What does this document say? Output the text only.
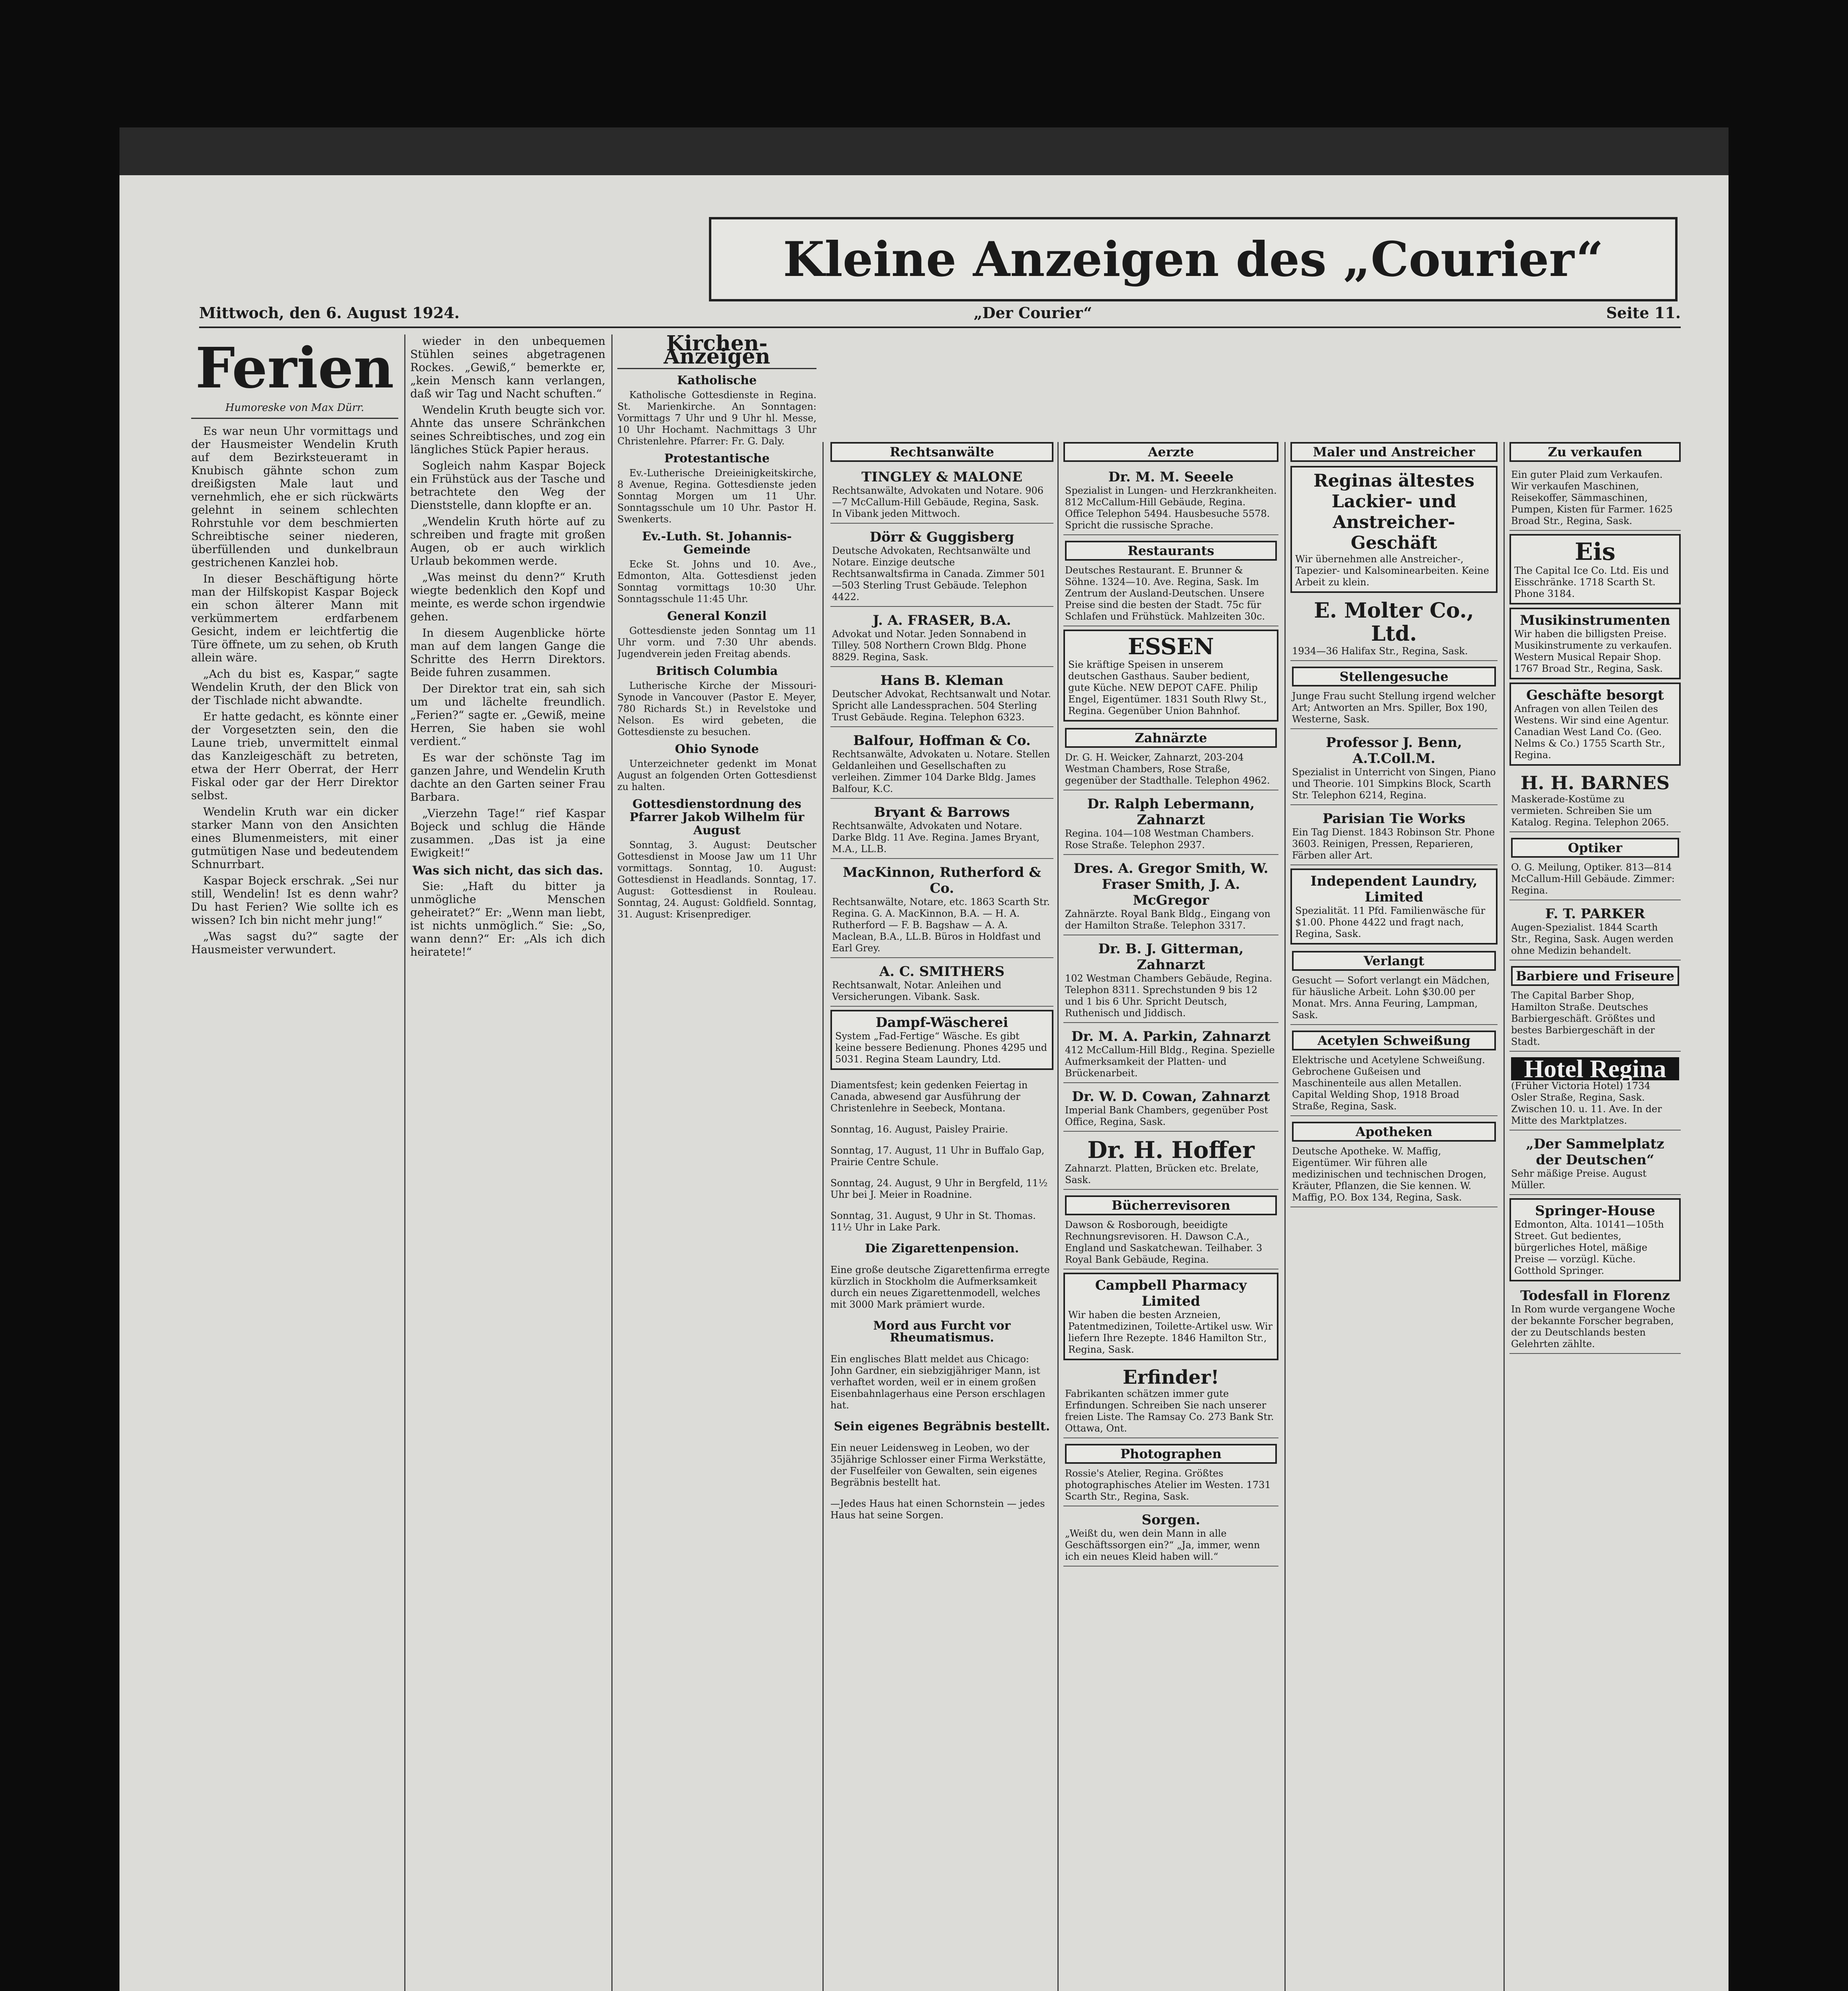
Mittwoch, den 6. August 1924.	„Der Courier“	Seite 11.
Ferien
Humoreske von Max Dürr.

Es war neun Uhr vormittags und der Hausmeister Wendelin Kruth auf dem Bezirksteueramt in Knubisch gähnte schon zum dreißigsten Male laut und vernehmlich, ehe er sich rückwärts gelehnt in seinem schlechten Rohrstuhle vor dem beschmierten Schreibtische seiner niederen, überfüllenden und dunkelbraun gestrichenen Kanzlei hob.

In dieser Beschäftigung hörte man der Hilfskopist Kaspar Bojeck ein schon älterer Mann mit verkümmertem erdfarbenem Gesicht, indem er leichtfertig die Türe öffnete, um zu sehen, ob Kruth allein wäre.

„Ach du bist es, Kaspar,“ sagte Wendelin Kruth, der den Blick von der Tischlade nicht abwandte.

Er hatte gedacht, es könnte einer der Vorgesetzten sein, den die Laune trieb, unvermittelt einmal das Kanzleigeschäft zu betreten, etwa der Herr Oberrat, der Herr Fiskal oder gar der Herr Direktor selbst.

Wendelin Kruth war ein dicker starker Mann von den Ansichten eines Blumenmeisters, mit einer gutmütigen Nase und bedeutendem Schnurrbart.

Kaspar Bojeck erschrak. „Sei nur still, Wendelin! Ist es denn wahr? Du hast Ferien? Wie sollte ich es wissen? Ich bin nicht mehr jung!“

„Was sagst du?“ sagte der Hausmeister verwundert.

wieder in den unbequemen Stühlen seines abgetragenen Rockes. „Gewiß,“ bemerkte er, „kein Mensch kann verlangen, daß wir Tag und Nacht schuften.“

Wendelin Kruth beugte sich vor. Ahnte das unsere Schränkchen seines Schreibtisches, und zog ein längliches Stück Papier heraus.

Sogleich nahm Kaspar Bojeck ein Frühstück aus der Tasche und betrachtete den Weg der Dienststelle, dann klopfte er an.

„Wendelin Kruth hörte auf zu schreiben und fragte mit großen Augen, ob er auch wirklich Urlaub bekommen werde.

„Was meinst du denn?“ Kruth wiegte bedenklich den Kopf und meinte, es werde schon irgendwie gehen.

In diesem Augenblicke hörte man auf dem langen Gange die Schritte des Herrn Direktors. Beide fuhren zusammen.

Der Direktor trat ein, sah sich um und lächelte freundlich. „Ferien?“ sagte er. „Gewiß, meine Herren, Sie haben sie wohl verdient.“

Es war der schönste Tag im ganzen Jahre, und Wendelin Kruth dachte an den Garten seiner Frau Barbara.

„Vierzehn Tage!“ rief Kaspar Bojeck und schlug die Hände zusammen. „Das ist ja eine Ewigkeit!“

Was sich nicht, das sich das.

Sie: „Haft du bitter ja unmögliche Menschen geheiratet?“ Er: „Wenn man liebt, ist nichts unmöglich.“ Sie: „So, wann denn?“ Er: „Als ich dich heiratete!“

Kirchen-Anzeigen
Katholische

Katholische Gottesdienste in Regina. St. Marienkirche. An Sonntagen: Vormittags 7 Uhr und 9 Uhr hl. Messe, 10 Uhr Hochamt. Nachmittags 3 Uhr Christenlehre. Pfarrer: Fr. G. Daly.

Protestantische

Ev.-Lutherische Dreieinigkeitskirche, 8 Avenue, Regina. Gottesdienste jeden Sonntag Morgen um 11 Uhr. Sonntagsschule um 10 Uhr. Pastor H. Swenkerts.

Ev.-Luth. St. Johannis-Gemeinde

Ecke St. Johns und 10. Ave., Edmonton, Alta. Gottesdienst jeden Sonntag vormittags 10:30 Uhr. Sonntagsschule 11:45 Uhr.

General Konzil

Gottesdienste jeden Sonntag um 11 Uhr vorm. und 7:30 Uhr abends. Jugendverein jeden Freitag abends.

Britisch Columbia

Lutherische Kirche der Missouri-Synode in Vancouver (Pastor E. Meyer, 780 Richards St.) in Revelstoke und Nelson. Es wird gebeten, die Gottesdienste zu besuchen.

Ohio Synode

Unterzeichneter gedenkt im Monat August an folgenden Orten Gottesdienst zu halten.

Gottesdienstordnung des Pfarrer Jakob Wilhelm für August

Sonntag, 3. August: Deutscher Gottesdienst in Moose Jaw um 11 Uhr vormittags. Sonntag, 10. August: Gottesdienst in Headlands. Sonntag, 17. August: Gottesdienst in Rouleau. Sonntag, 24. August: Goldfield. Sonntag, 31. August: Krisenprediger.

Kleine Anzeigen des „Courier“
Rechtsanwälte
TINGLEY & MALONE
Rechtsanwälte, Advokaten und Notare. 906—7 McCallum-Hill Gebäude, Regina, Sask. In Vibank jeden Mittwoch.
Dörr & Guggisberg
Deutsche Advokaten, Rechtsanwälte und Notare. Einzige deutsche Rechtsanwaltsfirma in Canada. Zimmer 501—503 Sterling Trust Gebäude. Telephon 4422.
J. A. FRASER, B.A.
Advokat und Notar. Jeden Sonnabend in Tilley. 508 Northern Crown Bldg. Phone 8829. Regina, Sask.
Hans B. Kleman
Deutscher Advokat, Rechtsanwalt und Notar. Spricht alle Landessprachen. 504 Sterling Trust Gebäude. Regina. Telephon 6323.
Balfour, Hoffman & Co.
Rechtsanwälte, Advokaten u. Notare. Stellen Geldanleihen und Gesellschaften zu verleihen. Zimmer 104 Darke Bldg. James Balfour, K.C.
Bryant & Barrows
Rechtsanwälte, Advokaten und Notare. Darke Bldg. 11 Ave. Regina. James Bryant, M.A., LL.B.
MacKinnon, Rutherford & Co.
Rechtsanwälte, Notare, etc. 1863 Scarth Str. Regina. G. A. MacKinnon, B.A. — H. A. Rutherford — F. B. Bagshaw — A. A. Maclean, B.A., LL.B. Büros in Holdfast und Earl Grey.
A. C. SMITHERS
Rechtsanwalt, Notar. Anleihen und Versicherungen. Vibank. Sask.
Dampf-Wäscherei
System „Fad-Fertige“ Wäsche. Es gibt keine bessere Bedienung. Phones 4295 und 5031. Regina Steam Laundry, Ltd.

Diamentsfest; kein gedenken Feiertag in Canada, abwesend gar Ausführung der Christenlehre in Seebeck, Montana.

Sonntag, 16. August, Paisley Prairie.

Sonntag, 17. August, 11 Uhr in Buffalo Gap, Prairie Centre Schule.

Sonntag, 24. August, 9 Uhr in Bergfeld, 11½ Uhr bei J. Meier in Roadnine.

Sonntag, 31. August, 9 Uhr in St. Thomas. 11½ Uhr in Lake Park.

Die Zigarettenpension.

Eine große deutsche Zigarettenfirma erregte kürzlich in Stockholm die Aufmerksamkeit durch ein neues Zigarettenmodell, welches mit 3000 Mark prämiert wurde.

Mord aus Furcht vor Rheumatismus.

Ein englisches Blatt meldet aus Chicago: John Gardner, ein siebzigjähriger Mann, ist verhaftet worden, weil er in einem großen Eisenbahnlagerhaus eine Person erschlagen hat.

Sein eigenes Begräbnis bestellt.

Ein neuer Leidensweg in Leoben, wo der 35jährige Schlosser einer Firma Werkstätte, der Fuselfeiler von Gewalten, sein eigenes Begräbnis bestellt hat.

—Jedes Haus hat einen Schornstein — jedes Haus hat seine Sorgen.

Aerzte
Dr. M. M. Seeele
Spezialist in Lungen- und Herzkrankheiten. 812 McCallum-Hill Gebäude, Regina. Office Telephon 5494. Hausbesuche 5578. Spricht die russische Sprache.
Restaurants
Deutsches Restaurant. E. Brunner & Söhne. 1324—10. Ave. Regina, Sask. Im Zentrum der Ausland-Deutschen. Unsere Preise sind die besten der Stadt. 75c für Schlafen und Frühstück. Mahlzeiten 30c.
ESSEN
Sie kräftige Speisen in unserem deutschen Gasthaus. Sauber bedient, gute Küche. NEW DEPOT CAFE. Philip Engel, Eigentümer. 1831 South Rlwy St., Regina. Gegenüber Union Bahnhof.
Zahnärzte
Dr. G. H. Weicker, Zahnarzt, 203-204 Westman Chambers, Rose Straße, gegenüber der Stadthalle. Telephon 4962.
Dr. Ralph Lebermann, Zahnarzt
Regina. 104—108 Westman Chambers. Rose Straße. Telephon 2937.
Dres. A. Gregor Smith, W. Fraser Smith, J. A. McGregor
Zahnärzte. Royal Bank Bldg., Eingang von der Hamilton Straße. Telephon 3317.
Dr. B. J. Gitterman, Zahnarzt
102 Westman Chambers Gebäude, Regina. Telephon 8311. Sprechstunden 9 bis 12 und 1 bis 6 Uhr. Spricht Deutsch, Ruthenisch und Jiddisch.
Dr. M. A. Parkin, Zahnarzt
412 McCallum-Hill Bldg., Regina. Spezielle Aufmerksamkeit der Platten- und Brückenarbeit.
Dr. W. D. Cowan, Zahnarzt
Imperial Bank Chambers, gegenüber Post Office, Regina, Sask.
Dr. H. Hoffer
Zahnarzt. Platten, Brücken etc. Brelate, Sask.
Bücherrevisoren
Dawson & Rosborough, beeidigte Rechnungsrevisoren. H. Dawson C.A., England und Saskatchewan. Teilhaber. 3 Royal Bank Gebäude, Regina.
Campbell Pharmacy Limited
Wir haben die besten Arzneien, Patentmedizinen, Toilette-Artikel usw. Wir liefern Ihre Rezepte. 1846 Hamilton Str., Regina, Sask.
Erfinder!
Fabrikanten schätzen immer gute Erfindungen. Schreiben Sie nach unserer freien Liste. The Ramsay Co. 273 Bank Str. Ottawa, Ont.
Photographen
Rossie's Atelier, Regina. Größtes photographisches Atelier im Westen. 1731 Scarth Str., Regina, Sask.
Sorgen.
„Weißt du, wen dein Mann in alle Geschäftssorgen ein?“ „Ja, immer, wenn ich ein neues Kleid haben will.“
Maler und Anstreicher
Reginas ältestes Lackier- und Anstreicher-Geschäft
Wir übernehmen alle Anstreicher-, Tapezier- und Kalsominearbeiten. Keine Arbeit zu klein.
E. Molter Co., Ltd.
1934—36 Halifax Str., Regina, Sask.
Stellengesuche
Junge Frau sucht Stellung irgend welcher Art; Antworten an Mrs. Spiller, Box 190, Westerne, Sask.
Professor J. Benn, A.T.Coll.M.
Spezialist in Unterricht von Singen, Piano und Theorie. 101 Simpkins Block, Scarth Str. Telephon 6214, Regina.
Parisian Tie Works
Ein Tag Dienst. 1843 Robinson Str. Phone 3603. Reinigen, Pressen, Reparieren, Färben aller Art.
Independent Laundry, Limited
Spezialität. 11 Pfd. Familienwäsche für $1.00. Phone 4422 und fragt nach, Regina, Sask.
Verlangt
Gesucht — Sofort verlangt ein Mädchen, für häusliche Arbeit. Lohn $30.00 per Monat. Mrs. Anna Feuring, Lampman, Sask.
Acetylen Schweißung
Elektrische und Acetylene Schweißung. Gebrochene Gußeisen und Maschinenteile aus allen Metallen. Capital Welding Shop, 1918 Broad Straße, Regina, Sask.
Apotheken
Deutsche Apotheke. W. Maffig, Eigentümer. Wir führen alle medizinischen und technischen Drogen, Kräuter, Pflanzen, die Sie kennen. W. Maffig, P.O. Box 134, Regina, Sask.
Zu verkaufen
Ein guter Plaid zum Verkaufen. Wir verkaufen Maschinen, Reisekoffer, Sämmaschinen, Pumpen, Kisten für Farmer. 1625 Broad Str., Regina, Sask.
Eis
The Capital Ice Co. Ltd. Eis und Eisschränke. 1718 Scarth St. Phone 3184.
Musikinstrumenten
Wir haben die billigsten Preise. Musikinstrumente zu verkaufen. Western Musical Repair Shop. 1767 Broad Str., Regina, Sask.
Geschäfte besorgt
Anfragen von allen Teilen des Westens. Wir sind eine Agentur. Canadian West Land Co. (Geo. Nelms & Co.) 1755 Scarth Str., Regina.
H. H. BARNES
Maskerade-Kostüme zu vermieten. Schreiben Sie um Katalog. Regina. Telephon 2065.
Optiker
O. G. Meilung, Optiker. 813—814 McCallum-Hill Gebäude. Zimmer: Regina.
F. T. PARKER
Augen-Spezialist. 1844 Scarth Str., Regina, Sask. Augen werden ohne Medizin behandelt.
Barbiere und Friseure
The Capital Barber Shop, Hamilton Straße. Deutsches Barbiergeschäft. Größtes und bestes Barbiergeschäft in der Stadt.
Hotel Regina
(Früher Victoria Hotel) 1734 Osler Straße, Regina, Sask. Zwischen 10. u. 11. Ave. In der Mitte des Marktplatzes.
„Der Sammelplatz der Deutschen“
Sehr mäßige Preise. August Müller.
Springer-House
Edmonton, Alta. 10141—105th Street. Gut bedientes, bürgerliches Hotel, mäßige Preise — vorzügl. Küche. Gotthold Springer.
Todesfall in Florenz
In Rom wurde vergangene Woche der bekannte Forscher begraben, der zu Deutschlands besten Gelehrten zählte.
